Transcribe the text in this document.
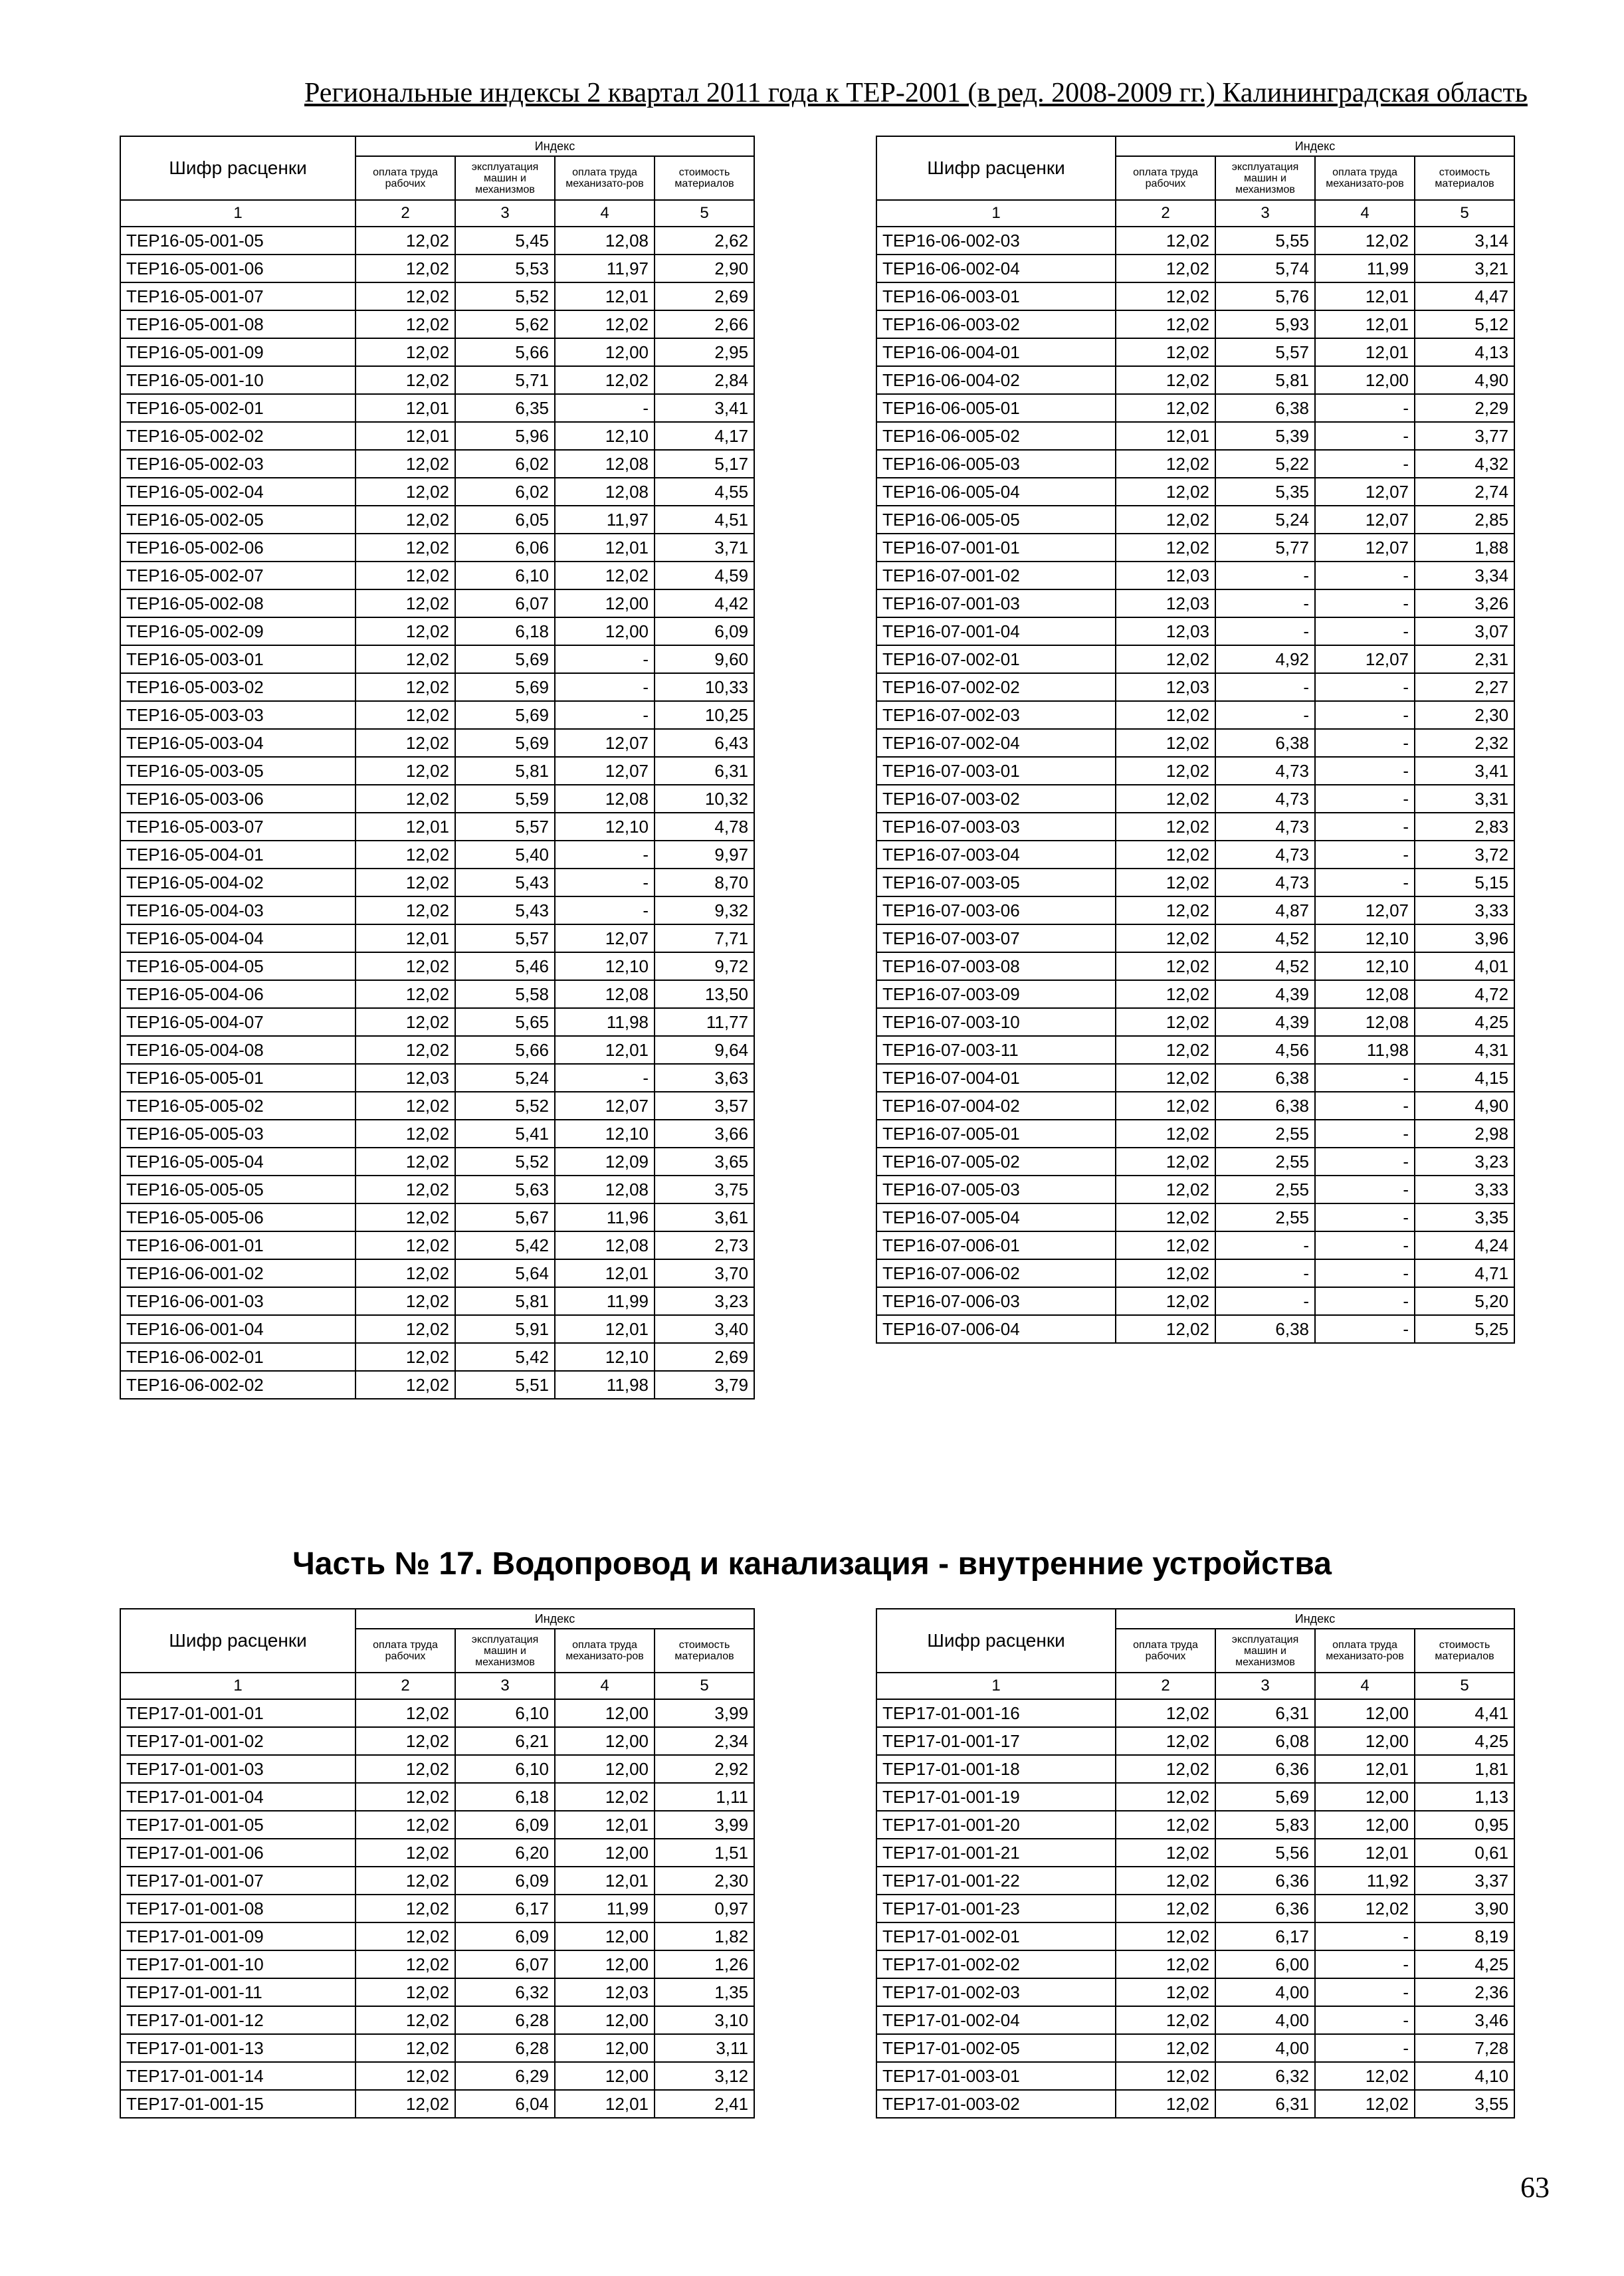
Региональные индексы 2 квартал 2011 года к ТЕР-2001 (в ред. 2008-2009 гг.) Калининградская область
Шифр расценки	Индекс			
	оплата труда рабочих	эксплуатация машин и механизмов	оплата труда механизато-ров	стоимость материалов
1	2	3	4	5
ТЕР16-05-001-05	12,02	5,45	12,08	2,62
ТЕР16-05-001-06	12,02	5,53	11,97	2,90
ТЕР16-05-001-07	12,02	5,52	12,01	2,69
ТЕР16-05-001-08	12,02	5,62	12,02	2,66
ТЕР16-05-001-09	12,02	5,66	12,00	2,95
ТЕР16-05-001-10	12,02	5,71	12,02	2,84
ТЕР16-05-002-01	12,01	6,35	-	3,41
ТЕР16-05-002-02	12,01	5,96	12,10	4,17
ТЕР16-05-002-03	12,02	6,02	12,08	5,17
ТЕР16-05-002-04	12,02	6,02	12,08	4,55
ТЕР16-05-002-05	12,02	6,05	11,97	4,51
ТЕР16-05-002-06	12,02	6,06	12,01	3,71
ТЕР16-05-002-07	12,02	6,10	12,02	4,59
ТЕР16-05-002-08	12,02	6,07	12,00	4,42
ТЕР16-05-002-09	12,02	6,18	12,00	6,09
ТЕР16-05-003-01	12,02	5,69	-	9,60
ТЕР16-05-003-02	12,02	5,69	-	10,33
ТЕР16-05-003-03	12,02	5,69	-	10,25
ТЕР16-05-003-04	12,02	5,69	12,07	6,43
ТЕР16-05-003-05	12,02	5,81	12,07	6,31
ТЕР16-05-003-06	12,02	5,59	12,08	10,32
ТЕР16-05-003-07	12,01	5,57	12,10	4,78
ТЕР16-05-004-01	12,02	5,40	-	9,97
ТЕР16-05-004-02	12,02	5,43	-	8,70
ТЕР16-05-004-03	12,02	5,43	-	9,32
ТЕР16-05-004-04	12,01	5,57	12,07	7,71
ТЕР16-05-004-05	12,02	5,46	12,10	9,72
ТЕР16-05-004-06	12,02	5,58	12,08	13,50
ТЕР16-05-004-07	12,02	5,65	11,98	11,77
ТЕР16-05-004-08	12,02	5,66	12,01	9,64
ТЕР16-05-005-01	12,03	5,24	-	3,63
ТЕР16-05-005-02	12,02	5,52	12,07	3,57
ТЕР16-05-005-03	12,02	5,41	12,10	3,66
ТЕР16-05-005-04	12,02	5,52	12,09	3,65
ТЕР16-05-005-05	12,02	5,63	12,08	3,75
ТЕР16-05-005-06	12,02	5,67	11,96	3,61
ТЕР16-06-001-01	12,02	5,42	12,08	2,73
ТЕР16-06-001-02	12,02	5,64	12,01	3,70
ТЕР16-06-001-03	12,02	5,81	11,99	3,23
ТЕР16-06-001-04	12,02	5,91	12,01	3,40
ТЕР16-06-002-01	12,02	5,42	12,10	2,69
ТЕР16-06-002-02	12,02	5,51	11,98	3,79
Шифр расценки	Индекс			
	оплата труда рабочих	эксплуатация машин и механизмов	оплата труда механизато-ров	стоимость материалов
1	2	3	4	5
ТЕР16-06-002-03	12,02	5,55	12,02	3,14
ТЕР16-06-002-04	12,02	5,74	11,99	3,21
ТЕР16-06-003-01	12,02	5,76	12,01	4,47
ТЕР16-06-003-02	12,02	5,93	12,01	5,12
ТЕР16-06-004-01	12,02	5,57	12,01	4,13
ТЕР16-06-004-02	12,02	5,81	12,00	4,90
ТЕР16-06-005-01	12,02	6,38	-	2,29
ТЕР16-06-005-02	12,01	5,39	-	3,77
ТЕР16-06-005-03	12,02	5,22	-	4,32
ТЕР16-06-005-04	12,02	5,35	12,07	2,74
ТЕР16-06-005-05	12,02	5,24	12,07	2,85
ТЕР16-07-001-01	12,02	5,77	12,07	1,88
ТЕР16-07-001-02	12,03	-	-	3,34
ТЕР16-07-001-03	12,03	-	-	3,26
ТЕР16-07-001-04	12,03	-	-	3,07
ТЕР16-07-002-01	12,02	4,92	12,07	2,31
ТЕР16-07-002-02	12,03	-	-	2,27
ТЕР16-07-002-03	12,02	-	-	2,30
ТЕР16-07-002-04	12,02	6,38	-	2,32
ТЕР16-07-003-01	12,02	4,73	-	3,41
ТЕР16-07-003-02	12,02	4,73	-	3,31
ТЕР16-07-003-03	12,02	4,73	-	2,83
ТЕР16-07-003-04	12,02	4,73	-	3,72
ТЕР16-07-003-05	12,02	4,73	-	5,15
ТЕР16-07-003-06	12,02	4,87	12,07	3,33
ТЕР16-07-003-07	12,02	4,52	12,10	3,96
ТЕР16-07-003-08	12,02	4,52	12,10	4,01
ТЕР16-07-003-09	12,02	4,39	12,08	4,72
ТЕР16-07-003-10	12,02	4,39	12,08	4,25
ТЕР16-07-003-11	12,02	4,56	11,98	4,31
ТЕР16-07-004-01	12,02	6,38	-	4,15
ТЕР16-07-004-02	12,02	6,38	-	4,90
ТЕР16-07-005-01	12,02	2,55	-	2,98
ТЕР16-07-005-02	12,02	2,55	-	3,23
ТЕР16-07-005-03	12,02	2,55	-	3,33
ТЕР16-07-005-04	12,02	2,55	-	3,35
ТЕР16-07-006-01	12,02	-	-	4,24
ТЕР16-07-006-02	12,02	-	-	4,71
ТЕР16-07-006-03	12,02	-	-	5,20
ТЕР16-07-006-04	12,02	6,38	-	5,25
Часть № 17. Водопровод и канализация - внутренние устройства
Шифр расценки	Индекс			
	оплата труда рабочих	эксплуатация машин и механизмов	оплата труда механизато-ров	стоимость материалов
1	2	3	4	5
ТЕР17-01-001-01	12,02	6,10	12,00	3,99
ТЕР17-01-001-02	12,02	6,21	12,00	2,34
ТЕР17-01-001-03	12,02	6,10	12,00	2,92
ТЕР17-01-001-04	12,02	6,18	12,02	1,11
ТЕР17-01-001-05	12,02	6,09	12,01	3,99
ТЕР17-01-001-06	12,02	6,20	12,00	1,51
ТЕР17-01-001-07	12,02	6,09	12,01	2,30
ТЕР17-01-001-08	12,02	6,17	11,99	0,97
ТЕР17-01-001-09	12,02	6,09	12,00	1,82
ТЕР17-01-001-10	12,02	6,07	12,00	1,26
ТЕР17-01-001-11	12,02	6,32	12,03	1,35
ТЕР17-01-001-12	12,02	6,28	12,00	3,10
ТЕР17-01-001-13	12,02	6,28	12,00	3,11
ТЕР17-01-001-14	12,02	6,29	12,00	3,12
ТЕР17-01-001-15	12,02	6,04	12,01	2,41
Шифр расценки	Индекс			
	оплата труда рабочих	эксплуатация машин и механизмов	оплата труда механизато-ров	стоимость материалов
1	2	3	4	5
ТЕР17-01-001-16	12,02	6,31	12,00	4,41
ТЕР17-01-001-17	12,02	6,08	12,00	4,25
ТЕР17-01-001-18	12,02	6,36	12,01	1,81
ТЕР17-01-001-19	12,02	5,69	12,00	1,13
ТЕР17-01-001-20	12,02	5,83	12,00	0,95
ТЕР17-01-001-21	12,02	5,56	12,01	0,61
ТЕР17-01-001-22	12,02	6,36	11,92	3,37
ТЕР17-01-001-23	12,02	6,36	12,02	3,90
ТЕР17-01-002-01	12,02	6,17	-	8,19
ТЕР17-01-002-02	12,02	6,00	-	4,25
ТЕР17-01-002-03	12,02	4,00	-	2,36
ТЕР17-01-002-04	12,02	4,00	-	3,46
ТЕР17-01-002-05	12,02	4,00	-	7,28
ТЕР17-01-003-01	12,02	6,32	12,02	4,10
ТЕР17-01-003-02	12,02	6,31	12,02	3,55
63
